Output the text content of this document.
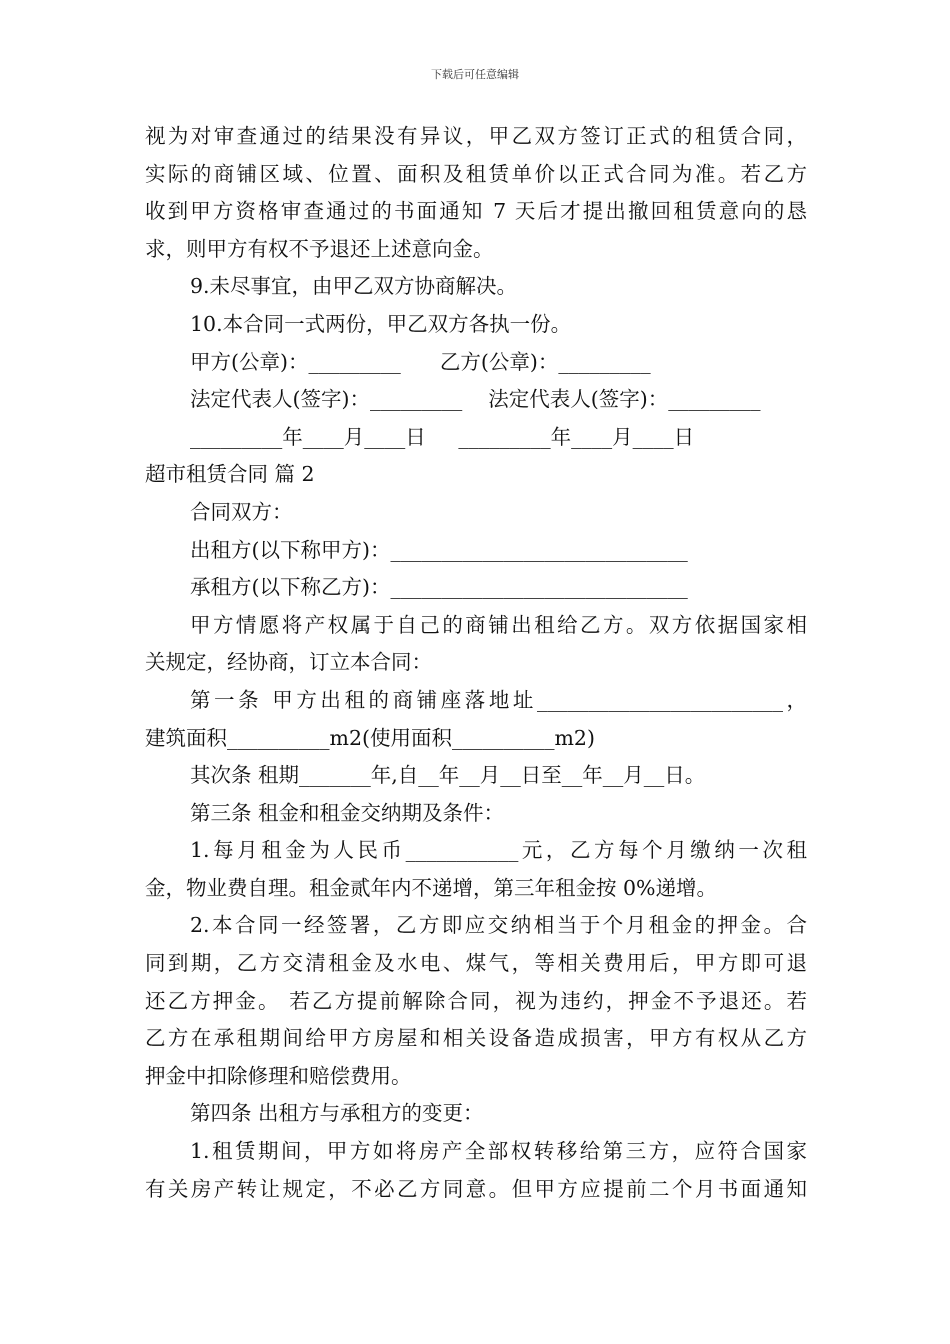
下载后可任意编辑
视为对审查通过的结果没有异议，甲乙双方签订正式的租赁合同，
实际的商铺区域、位置、面积及租赁单价以正式合同为准。若乙方
收到甲方资格审查通过的书面通知 7 天后才提出撤回租赁意向的恳
求，则甲方有权不予退还上述意向金。
9.未尽事宜，由甲乙双方协商解决。
10.本合同一式两份，甲乙双方各执一份。
甲方(公章)：_________      乙方(公章)：_________
法定代表人(签字)：_________    法定代表人(签字)：_________
_________年____月____日     _________年____月____日
超市租赁合同 篇 2
合同双方：
出租方(以下称甲方)：_____________________________
承租方(以下称乙方)：_____________________________
甲方情愿将产权属于自己的商铺出租给乙方。双方依据国家相
关规定，经协商，订立本合同：
第一条 甲方出租的商铺座落地址________________________，
建筑面积__________m2(使用面积__________m2)
其次条 租期_______年,自__年__月__日至__年__月__日。
第三条 租金和租金交纳期及条件：
1.每月租金为人民币___________元，乙方每个月缴纳一次租
金，物业费自理。租金贰年内不递增，第三年租金按 0%递增。
2.本合同一经签署，乙方即应交纳相当于个月租金的押金。合
同到期，乙方交清租金及水电、煤气，等相关费用后，甲方即可退
还乙方押金。 若乙方提前解除合同，视为违约，押金不予退还。若
乙方在承租期间给甲方房屋和相关设备造成损害，甲方有权从乙方
押金中扣除修理和赔偿费用。
第四条 出租方与承租方的变更：
1.租赁期间，甲方如将房产全部权转移给第三方，应符合国家
有关房产转让规定，不必乙方同意。但甲方应提前二个月书面通知
